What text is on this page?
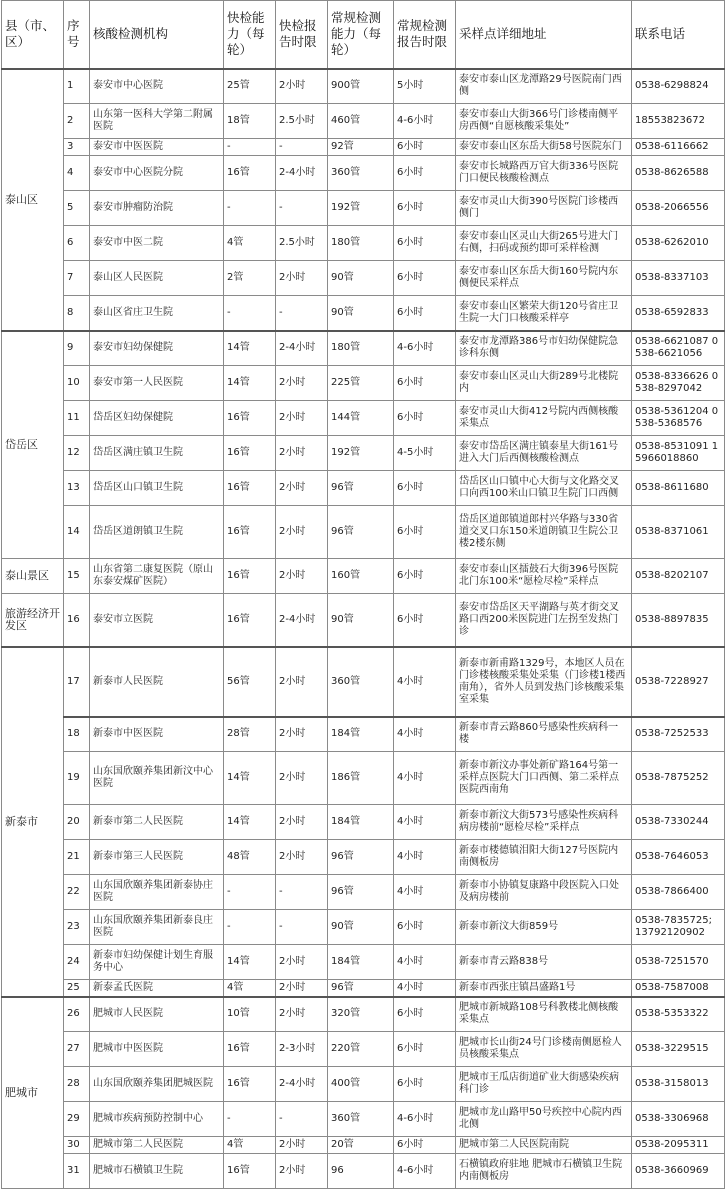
县（市、区）	序号	核酸检测机构	快检能力（每轮）	快检报告时限	常规检测能力（每轮）	常规检测报告时限	采样点详细地址	联系电话
泰山区	1	泰安市中心医院	25管	2小时	900管	5小时	泰安市泰山区龙潭路29号医院南门西侧	0538-6298824
	2	山东第一医科大学第二附属医院	18管	2.5小时	460管	4-6小时	泰安市泰山大街366号门诊楼南侧平房西侧“自愿核酸采集处”	18553823672
	3	泰安市中医医院	-	-	92管	6小时	泰安市泰山区东岳大街58号医院东门	0538-6116662
	4	泰安市中心医院分院	16管	2-4小时	360管	6小时	泰安市长城路西万官大街336号医院门口便民核酸检测点	0538-8626588
	5	泰安市肿瘤防治院	-	-	192管	6小时	泰安市灵山大街390号医院门诊楼西侧门	0538-2066556
	6	泰安市中医二院	4管	2.5小时	180管	6小时	泰安市泰山区灵山大街265号进大门右侧，扫码或预约即可采样检测	0538-6262010
	7	泰山区人民医院	2管	2小时	90管	6小时	泰安市泰山区东岳大街160号院内东侧便民采样点	0538-8337103
	8	泰山区省庄卫生院	-	-	90管	6小时	泰安市泰山区繁荣大街120号省庄卫生院一大门口核酸采样亭	0538-6592833
岱岳区	9	泰安市妇幼保健院	14管	2-4小时	180管	4-6小时	泰安市龙潭路386号市妇幼保健院急诊科东侧	0538-6621087 0538-6621056
	10	泰安市第一人民医院	14管	2小时	225管	6小时	泰安市泰山区灵山大街289号北楼院内	0538-8336626 0538-8297042
	11	岱岳区妇幼保健院	16管	2小时	144管	6小时	泰安市灵山大街412号院内西侧核酸采集点	0538-5361204 0538-5368576
	12	岱岳区满庄镇卫生院	16管	2小时	192管	4-5小时	泰安市岱岳区满庄镇泰星大街161号进入大门后西侧核酸检测点	0538-8531091 15966018860
	13	岱岳区山口镇卫生院	16管	2小时	96管	6小时	岱岳区山口镇中心大街与文化路交叉口向西100米山口镇卫生院门口西侧	0538-8611680
	14	岱岳区道朗镇卫生院	16管	2小时	96管	6小时	岱岳区道郎镇道郎村兴华路与330省道交叉口东150米道朗镇卫生院公卫楼2楼东侧	0538-8371061
泰山景区	15	山东省第二康复医院（原山东泰安煤矿医院）	16管	2小时	160管	6小时	泰安市泰山区擂鼓石大街396号医院北门东100米“愿检尽检”采样点	0538-8202107
旅游经济开发区	16	泰安市立医院	16管	2-4小时	90管	6小时	泰安市岱岳区天平湖路与英才街交叉路口西200米医院进门左拐至发热门诊	0538-8897835
新泰市	17	新泰市人民医院	56管	2小时	360管	4小时	新泰市新甫路1329号，本地区人员在门诊楼核酸采集处采集（门诊楼1楼西南角），省外人员到发热门诊核酸采集室采集	0538-7228927
	18	新泰市中医医院	28管	2小时	184管	4小时	新泰市青云路860号感染性疾病科一楼	0538-7252533
	19	山东国欣颐养集团新汶中心医院	14管	2小时	186管	4小时	新泰市新汶办事处新矿路164号第一采样点医院大门口西侧、第二采样点医院西南角	0538-7875252
	20	新泰市第二人民医院	14管	2小时	184管	4小时	新泰市新汶大街573号感染性疾病科病房楼前“愿检尽检”采样点	0538-7330244
	21	新泰市第三人民医院	48管	2小时	96管	4小时	新泰市楼德镇泪阳大街127号医院内南侧板房	0538-7646053
	22	山东国欣颐养集团新泰协庄医院	-	-	96管	4小时	新泰市小协镇复康路中段医院入口处及病房楼前	0538-7866400
	23	山东国欣颐养集团新泰良庄医院	-	-	90管	6小时	新泰市新汶大街859号	0538-7835725; 13792120902
	24	新泰市妇幼保健计划生育服务中心	14管	2小时	184管	4小时	新泰市青云路838号	0538-7251570
	25	新泰孟氏医院	4管	2小时	96管	4小时	新泰市西张庄镇昌盛路1号	0538-7587008
肥城市	26	肥城市人民医院	10管	2小时	320管	6小时	肥城市新城路108号科教楼北侧核酸采集点	0538-5353322
	27	肥城市中医医院	16管	2-3小时	220管	6小时	肥城市长山街24号门诊楼南侧愿检人员核酸采集点	0538-3229515
	28	山东国欣颐养集团肥城医院	16管	2-4小时	400管	6小时	肥城市王瓜店街道矿业大街感染疾病科门诊	0538-3158013
	29	肥城市疾病预防控制中心	-	-	360管	4-6小时	肥城市龙山路甲50号疾控中心院内西北侧	0538-3306968
	30	肥城市第二人民医院	4管	2小时	20管	6小时	肥城市第二人民医院南院	0538-2095311
	31	肥城市石横镇卫生院	16管	2小时	96	4-6小时	石横镇政府驻地 肥城市石横镇卫生院内南侧板房	0538-3660969
